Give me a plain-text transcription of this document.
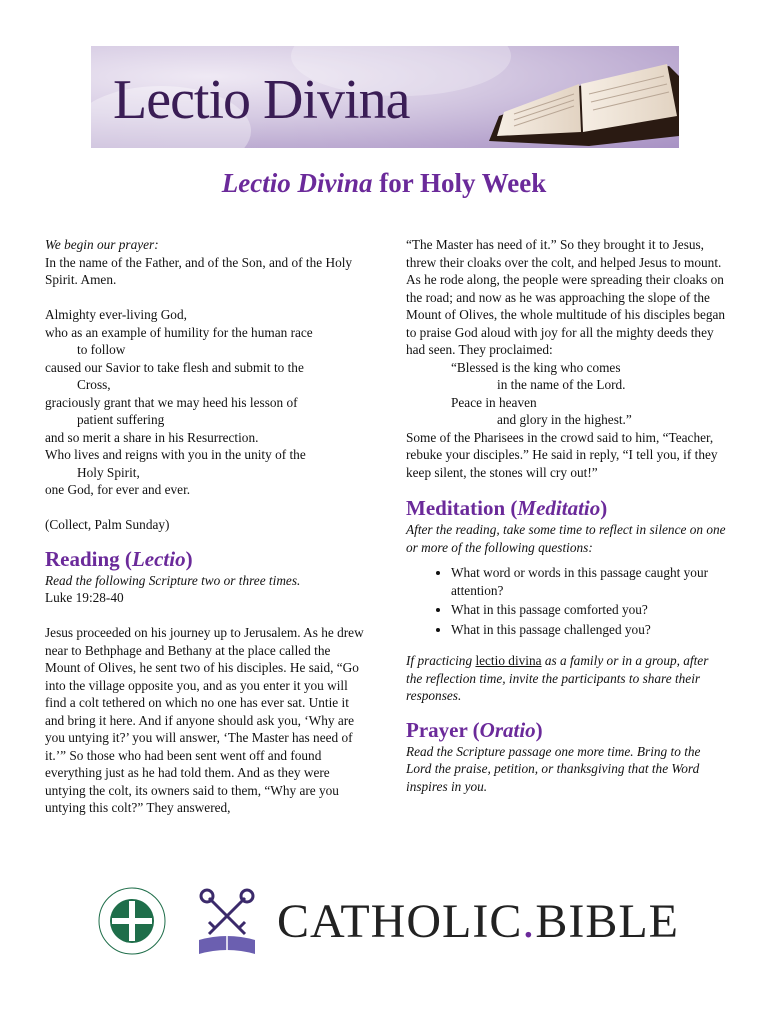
Lectio Divina
Lectio Divina for Holy Week

We begin our prayer:

In the name of the Father, and of the Son, and of the Holy Spirit. Amen.

Almighty ever-living God,

who as an example of humility for the human race

to follow

caused our Savior to take flesh and submit to the

Cross,

graciously grant that we may heed his lesson of

patient suffering

and so merit a share in his Resurrection.

Who lives and reigns with you in the unity of the

Holy Spirit,

one God, for ever and ever.

(Collect, Palm Sunday)

Reading (Lectio)

Read the following Scripture two or three times.

Luke 19:28-40

Jesus proceeded on his journey up to Jerusalem. As he drew near to Bethphage and Bethany at the place called the Mount of Olives, he sent two of his disciples. He said, “Go into the village opposite you, and as you enter it you will find a colt tethered on which no one has ever sat. Untie it and bring it here. And if anyone should ask you, ‘Why are you untying it?’ you will answer, ‘The Master has need of it.’” So those who had been sent went off and found everything just as he had told them. And as they were untying the colt, its owners said to them, “Why are you untying this colt?” They answered,

“The Master has need of it.” So they brought it to Jesus, threw their cloaks over the colt, and helped Jesus to mount. As he rode along, the people were spreading their cloaks on the road; and now as he was approaching the slope of the Mount of Olives, the whole multitude of his disciples began to praise God aloud with joy for all the mighty deeds they had seen. They proclaimed:

“Blessed is the king who comes

in the name of the Lord.

Peace in heaven

and glory in the highest.”

Some of the Pharisees in the crowd said to him, “Teacher, rebuke your disciples.” He said in reply, “I tell you, if they keep silent, the stones will cry out!”

Meditation (Meditatio)

After the reading, take some time to reflect in silence on one or more of the following questions:

• What word or words in this passage caught your attention?
• What in this passage comforted you?
• What in this passage challenged you?

If practicing lectio divina as a family or in a group, after the reflection time, invite the participants to share their responses.

Prayer (Oratio)

Read the Scripture passage one more time. Bring to the Lord the praise, petition, or thanksgiving that the Word inspires in you.

CATHOLIC.BIBLE
